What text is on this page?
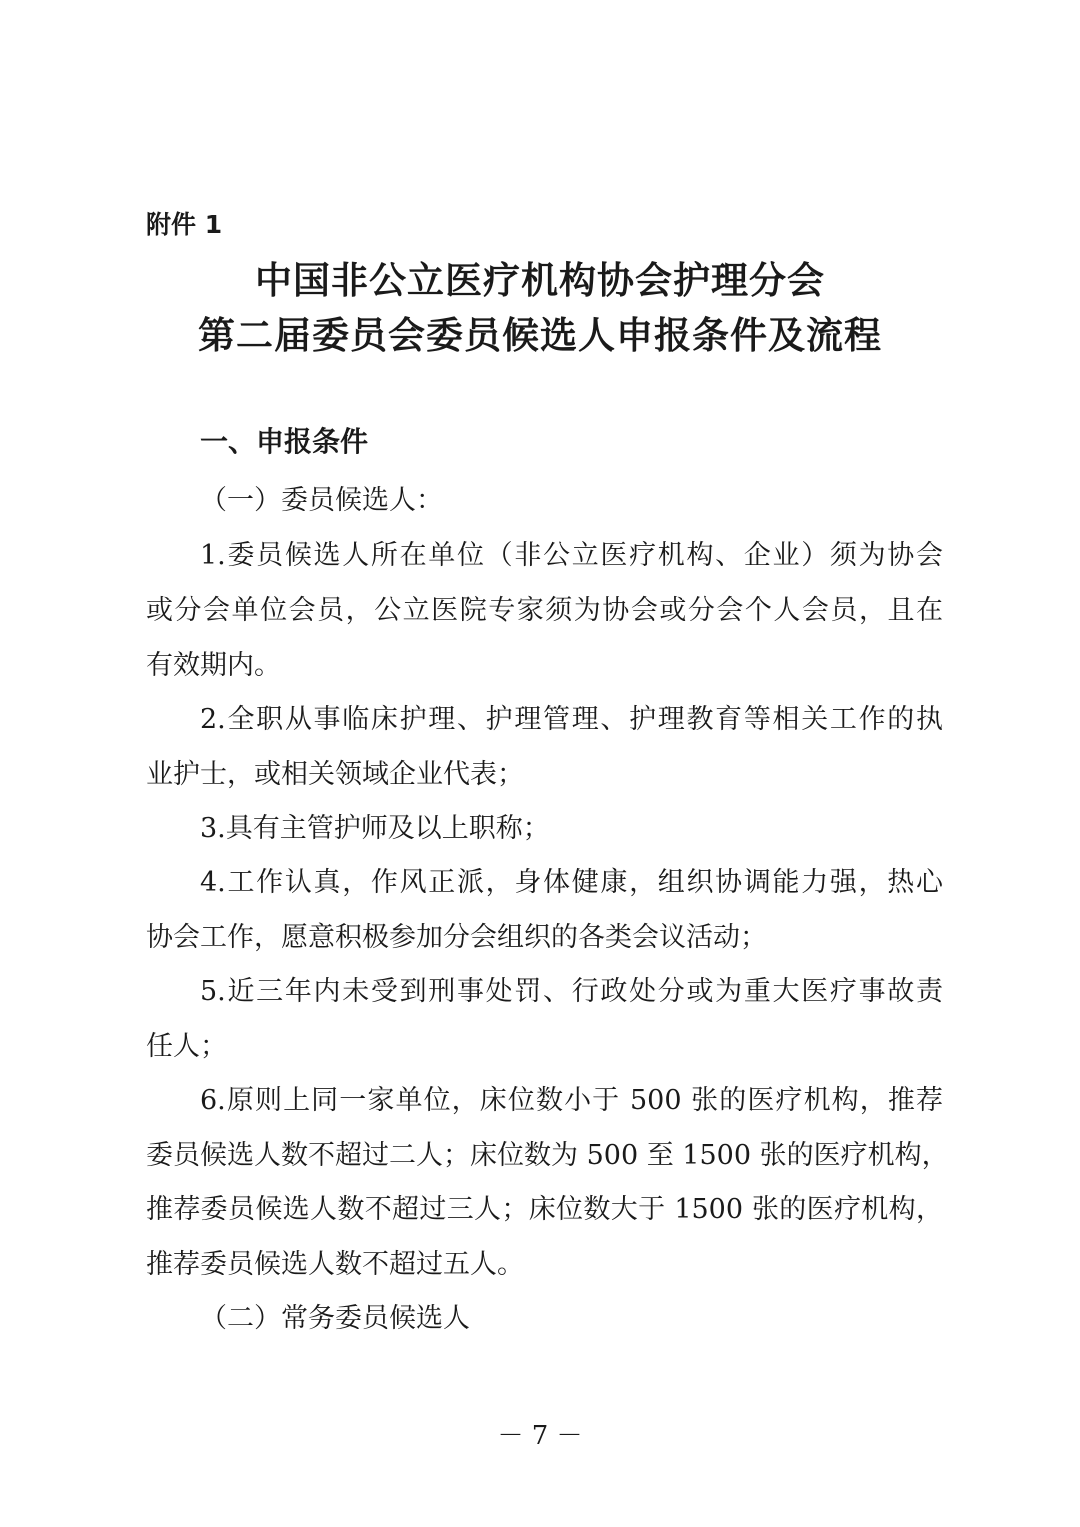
附件 1
中国非公立医疗机构协会护理分会
第二届委员会委员候选人申报条件及流程
一、申报条件
（一）委员候选人：
1.委员候选人所在单位（非公立医疗机构、企业）须为协会
或分会单位会员，公立医院专家须为协会或分会个人会员，且在
有效期内。
2.全职从事临床护理、护理管理、护理教育等相关工作的执
业护士，或相关领域企业代表；
3.具有主管护师及以上职称；
4.工作认真，作风正派，身体健康，组织协调能力强，热心
协会工作，愿意积极参加分会组织的各类会议活动；
5.近三年内未受到刑事处罚、行政处分或为重大医疗事故责
任人；
6.原则上同一家单位，床位数小于 500 张的医疗机构，推荐
委员候选人数不超过二人；床位数为 500 至 1500 张的医疗机构，
推荐委员候选人数不超过三人；床位数大于 1500 张的医疗机构，
推荐委员候选人数不超过五人。
（二）常务委员候选人
－ 7 －
